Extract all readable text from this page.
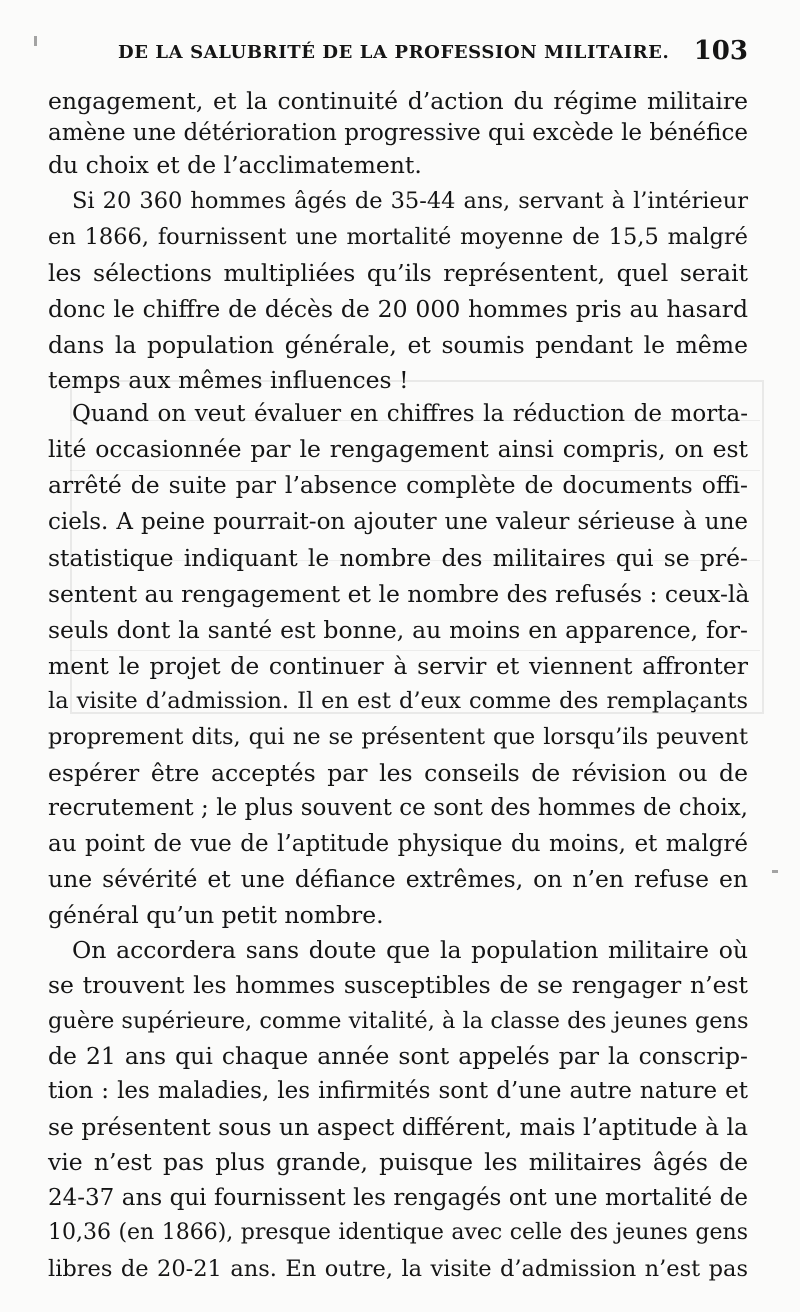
DE LA SALUBRITÉ DE LA PROFESSION MILITAIRE. 103
engagement, et la continuité d’action du régime militaire
amène une détérioration progressive qui excède le bénéfice
du choix et de l’acclimatement.
Si 20 360 hommes âgés de 35-44 ans, servant à l’intérieur
en 1866, fournissent une mortalité moyenne de 15,5 malgré
les sélections multipliées qu’ils représentent, quel serait
donc le chiffre de décès de 20 000 hommes pris au hasard
dans la population générale, et soumis pendant le même
temps aux mêmes influences !
Quand on veut évaluer en chiffres la réduction de morta-
lité occasionnée par le rengagement ainsi compris, on est
arrêté de suite par l’absence complète de documents offi-
ciels. A peine pourrait-on ajouter une valeur sérieuse à une
statistique indiquant le nombre des militaires qui se pré-
sentent au rengagement et le nombre des refusés : ceux-là
seuls dont la santé est bonne, au moins en apparence, for-
ment le projet de continuer à servir et viennent affronter
la visite d’admission. Il en est d’eux comme des remplaçants
proprement dits, qui ne se présentent que lorsqu’ils peuvent
espérer être acceptés par les conseils de révision ou de
recrutement ; le plus souvent ce sont des hommes de choix,
au point de vue de l’aptitude physique du moins, et malgré
une sévérité et une défiance extrêmes, on n’en refuse en
général qu’un petit nombre.
On accordera sans doute que la population militaire où
se trouvent les hommes susceptibles de se rengager n’est
guère supérieure, comme vitalité, à la classe des jeunes gens
de 21 ans qui chaque année sont appelés par la conscrip-
tion : les maladies, les infirmités sont d’une autre nature et
se présentent sous un aspect différent, mais l’aptitude à la
vie n’est pas plus grande, puisque les militaires âgés de
24-37 ans qui fournissent les rengagés ont une mortalité de
10,36 (en 1866), presque identique avec celle des jeunes gens
libres de 20-21 ans. En outre, la visite d’admission n’est pas
